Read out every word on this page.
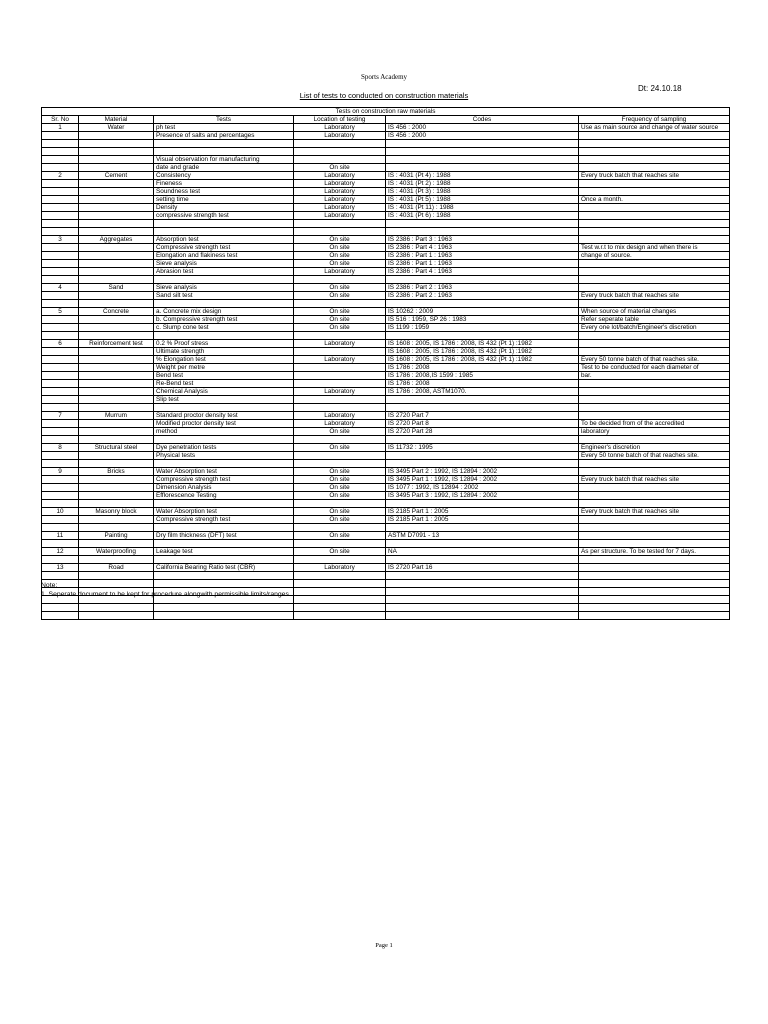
Sports Academy
Dt: 24.10.18
List of tests to conducted on construction materials
Tests on construction raw materials					
Sr. No	Material	Tests	Location of testing	Codes	Frequency of sampling
1	Water	ph test	Laboratory	IS 456 : 2000	Use as main source and change of water source
		Presence of salts and percentages	Laboratory	IS 456 : 2000	

		Visual observation for manufacturing			
		date and grade	On site		
2	Cement	Consistency	Laboratory	IS : 4031 (Pt 4) : 1988	Every truck batch that reaches site
		Fineness	Laboratory	IS : 4031 (Pt 2) : 1988	
		Soundness test	Laboratory	IS : 4031 (Pt 3) : 1988	
		setting time	Laboratory	IS : 4031 (Pt 5) : 1988	Once a month.
		Density	Laboratory	IS : 4031 (Pt 11) : 1988	
		compressive strength test	Laboratory	IS : 4031 (Pt 6) : 1988	

3	Aggregates	Absorption test	On site	IS 2386 : Part 3 : 1963	
		Compressive strength test	On site	IS 2386 : Part 4 : 1963	Test w.r.t to mix design and when there is
		Elongation and flakiness test	On site	IS 2386 : Part 1 : 1963	change of source.
		Sieve analysis	On site	IS 2386 : Part 1 : 1963	
		Abrasion test	Laboratory	IS 2386 : Part 4 : 1963	

4	Sand	Sieve analysis	On site	IS 2386 : Part 2 : 1963	
		Sand silt test	On site	IS 2386 : Part 2 : 1963	Every truck batch that reaches site

5	Concrete	a. Concrete mix design	On site	IS 10262 : 2009	When source of material changes
		b. Compressive strength test	On site	IS 516 : 1959, SP 26 : 1983	Refer seperate table
		c. Slump cone test	On site	IS 1199 : 1959	Every one lot/batch/Engineer's discretion

6	Reinforcement test	0.2 % Proof stress	Laboratory	IS 1608 : 2005, IS 1786 : 2008, IS 432 (Pt 1) :1982	
		Ultimate strength		IS 1608 : 2005, IS 1786 : 2008, IS 432 (Pt 1) :1982	
		% Elongation test	Laboratory	IS 1608 : 2005, IS 1786 : 2008, IS 432 (Pt 1) :1982	Every 50 tonne batch of that reaches site.
		Weight per metre		IS 1786 : 2008	Test to be conducted for each diameter of
		Bend test		IS 1786 : 2008,IS 1599 : 1985	bar.
		Re-Bend test		IS 1786 : 2008	
		Chemical Analysis	Laboratory	IS 1786 : 2008, ASTM1070.	
		Slip test			

7	Murrum	Standard proctor density test	Laboratory	IS 2720 Part 7	
		Modified proctor density test	Laboratory	IS 2720 Part 8	To be decided from of the accredited
		method	On site	IS 2720 Part 28	laboratory

8	Structural steel	Dye penetration tests	On site	IS 11732 : 1995	Engineer's discretion
		Physical tests			Every 50 tonne batch of that reaches site.

9	Bricks	Water Absorption test	On site	IS 3495 Part 2 : 1992, IS 12894 : 2002	
		Compressive strength test	On site	IS 3495 Part 1 : 1992, IS 12894 : 2002	Every truck batch that reaches site
		Dimension Analysis	On site	IS 1077 : 1992, IS 12894 : 2002	
		Efflorescence Testing	On site	IS 3495 Part 3 : 1992, IS 12894 : 2002	

10	Masonry block	Water Absorption test	On site	IS 2185 Part 1 : 2005	Every truck batch that reaches site
		Compressive strength test	On site	IS 2185 Part 1 : 2005	

11	Painting	Dry film thickness (DFT) test	On site	ASTM D7091 - 13	

12	Waterproofing	Leakage test	On site	NA	As per structure. To be tested for 7 days.

13	Road	California Bearing Ratio test (CBR)	Laboratory	IS 2720 Part 16	

Note:
1. Seperate document to be kept for procedure alongwith permissible limits/ranges.
Page 1
